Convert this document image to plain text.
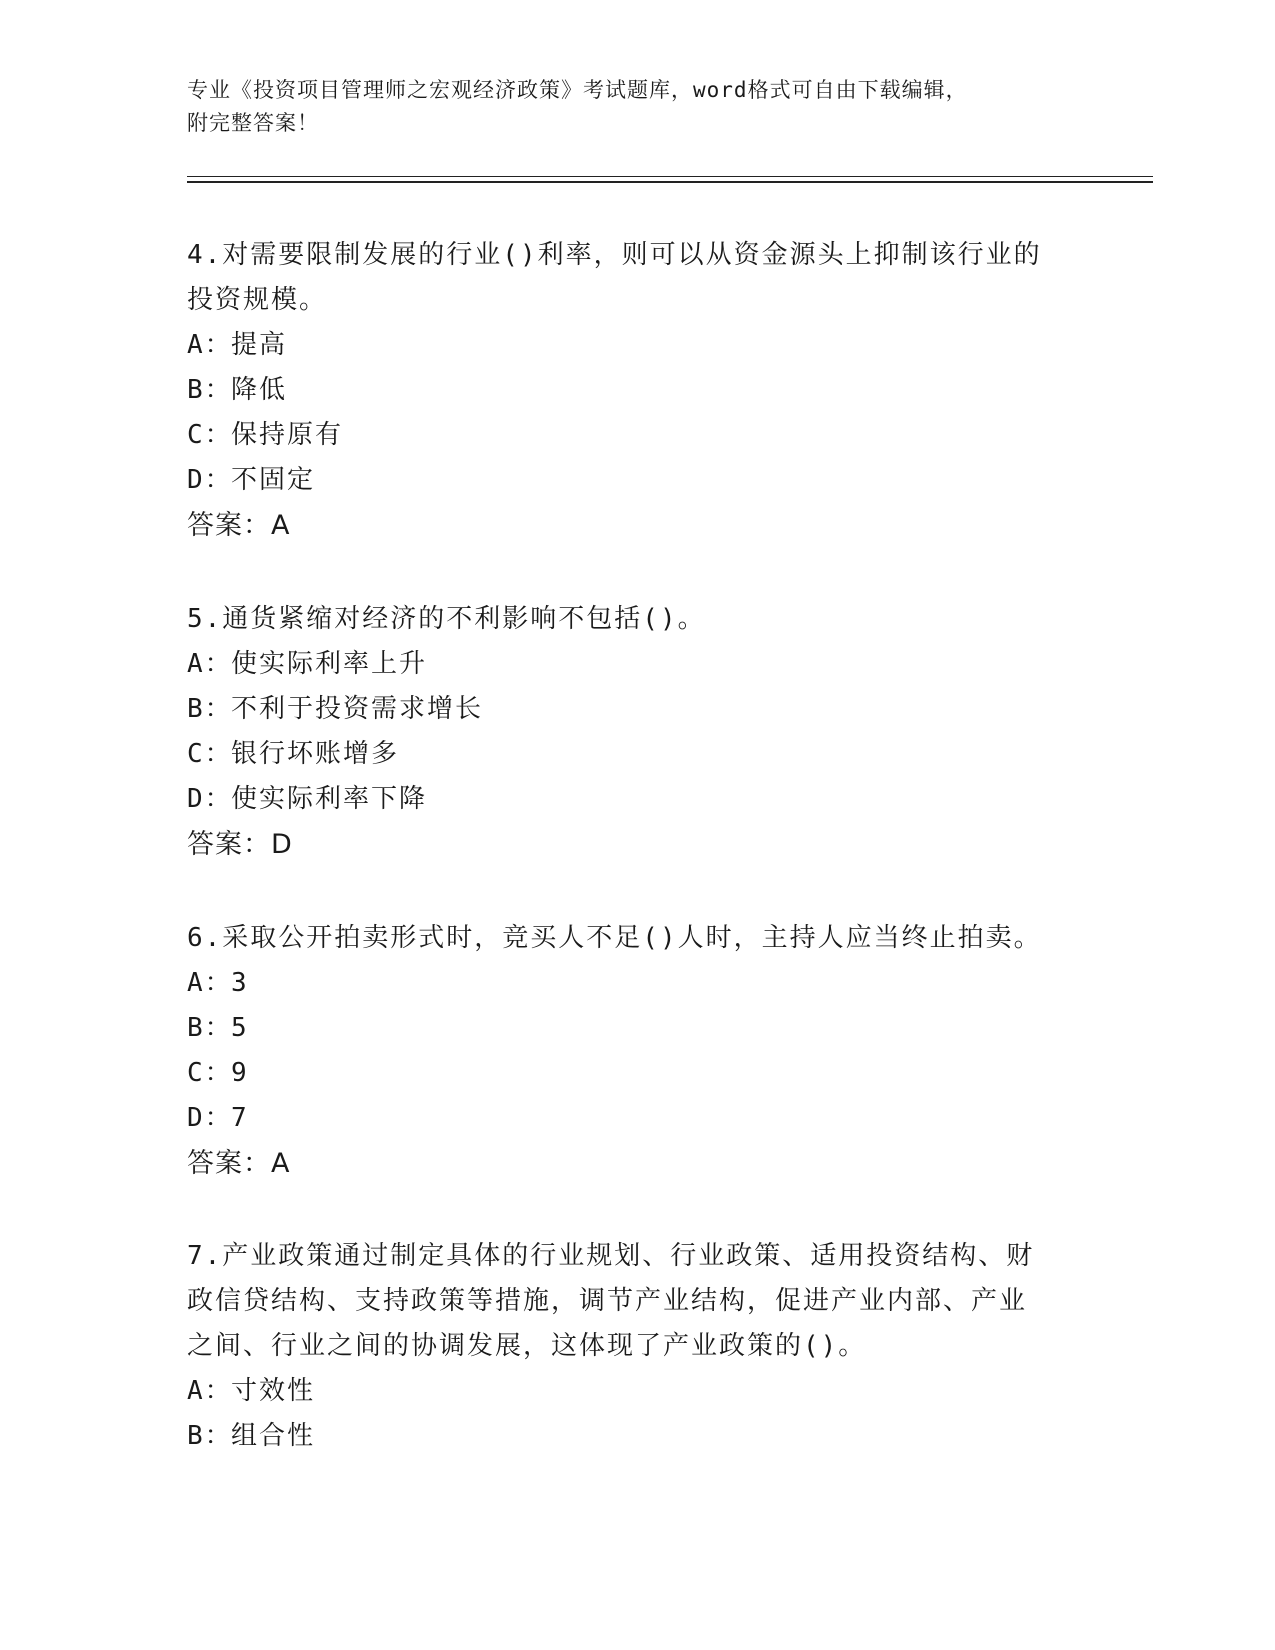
专业《投资项目管理师之宏观经济政策》考试题库，word格式可自由下载编辑，
附完整答案！

4.对需要限制发展的行业()利率，则可以从资金源头上抑制该行业的

投资规模。

A：提高

B：降低

C：保持原有

D：不固定

答案：A

5.通货紧缩对经济的不利影响不包括()。

A：使实际利率上升

B：不利于投资需求增长

C：银行坏账增多

D：使实际利率下降

答案：D

6.采取公开拍卖形式时，竞买人不足()人时，主持人应当终止拍卖。

A：3

B：5

C：9

D：7

答案：A

7.产业政策通过制定具体的行业规划、行业政策、适用投资结构、财

政信贷结构、支持政策等措施，调节产业结构，促进产业内部、产业

之间、行业之间的协调发展，这体现了产业政策的()。

A：寸效性

B：组合性
